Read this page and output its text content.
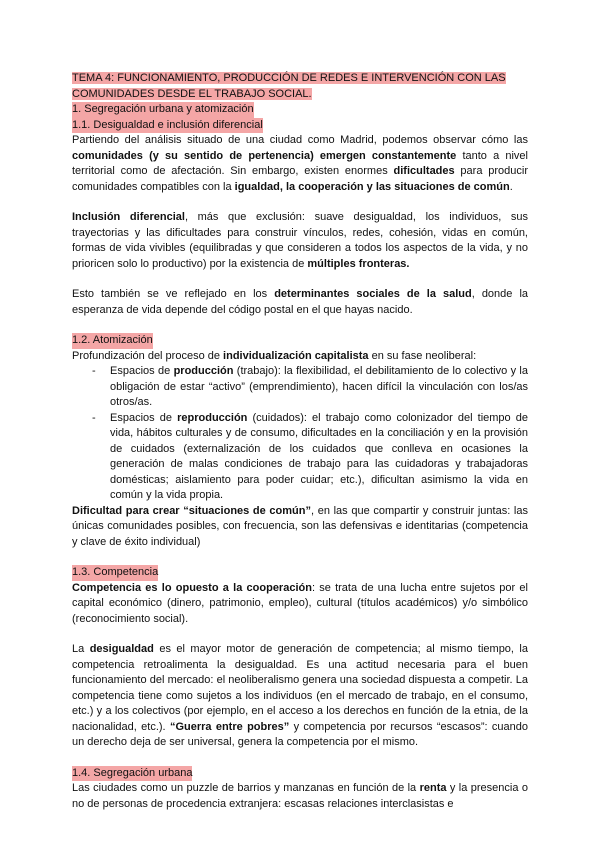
TEMA 4: FUNCIONAMIENTO, PRODUCCIÓN DE REDES E INTERVENCIÓN CON LAS COMUNIDADES DESDE EL TRABAJO SOCIAL.
1. Segregación urbana y atomización
1.1. Desigualdad e inclusión diferencial

Partiendo del análisis situado de una ciudad como Madrid, podemos observar cómo las comunidades (y su sentido de pertenencia) emergen constantemente tanto a nivel territorial como de afectación. Sin embargo, existen enormes dificultades para producir comunidades compatibles con la igualdad, la cooperación y las situaciones de común.

Inclusión diferencial, más que exclusión: suave desigualdad, los individuos, sus trayectorias y las dificultades para construir vínculos, redes, cohesión, vidas en común, formas de vida vivibles (equilibradas y que consideren a todos los aspectos de la vida, y no prioricen solo lo productivo) por la existencia de múltiples fronteras.

Esto también se ve reflejado en los determinantes sociales de la salud, donde la esperanza de vida depende del código postal en el que hayas nacido.

1.2. Atomización

Profundización del proceso de individualización capitalista en su fase neoliberal:

- Espacios de producción (trabajo): la flexibilidad, el debilitamiento de lo colectivo y la obligación de estar “activo” (emprendimiento), hacen difícil la vinculación con los/as otros/as.
- Espacios de reproducción (cuidados): el trabajo como colonizador del tiempo de vida, hábitos culturales y de consumo, dificultades en la conciliación y en la provisión de cuidados (externalización de los cuidados que conlleva en ocasiones la generación de malas condiciones de trabajo para las cuidadoras y trabajadoras domésticas; aislamiento para poder cuidar; etc.), dificultan asimismo la vida en común y la vida propia.

Dificultad para crear “situaciones de común”, en las que compartir y construir juntas: las únicas comunidades posibles, con frecuencia, son las defensivas e identitarias (competencia y clave de éxito individual)

1.3. Competencia

Competencia es lo opuesto a la cooperación: se trata de una lucha entre sujetos por el capital económico (dinero, patrimonio, empleo), cultural (títulos académicos) y/o simbólico (reconocimiento social).

La desigualdad es el mayor motor de generación de competencia; al mismo tiempo, la competencia retroalimenta la desigualdad. Es una actitud necesaria para el buen funcionamiento del mercado: el neoliberalismo genera una sociedad dispuesta a competir. La competencia tiene como sujetos a los individuos (en el mercado de trabajo, en el consumo, etc.) y a los colectivos (por ejemplo, en el acceso a los derechos en función de la etnia, de la nacionalidad, etc.). “Guerra entre pobres” y competencia por recursos “escasos”: cuando un derecho deja de ser universal, genera la competencia por el mismo.

1.4. Segregación urbana

Las ciudades como un puzzle de barrios y manzanas en función de la renta y la presencia o no de personas de procedencia extranjera: escasas relaciones interclasistas e
